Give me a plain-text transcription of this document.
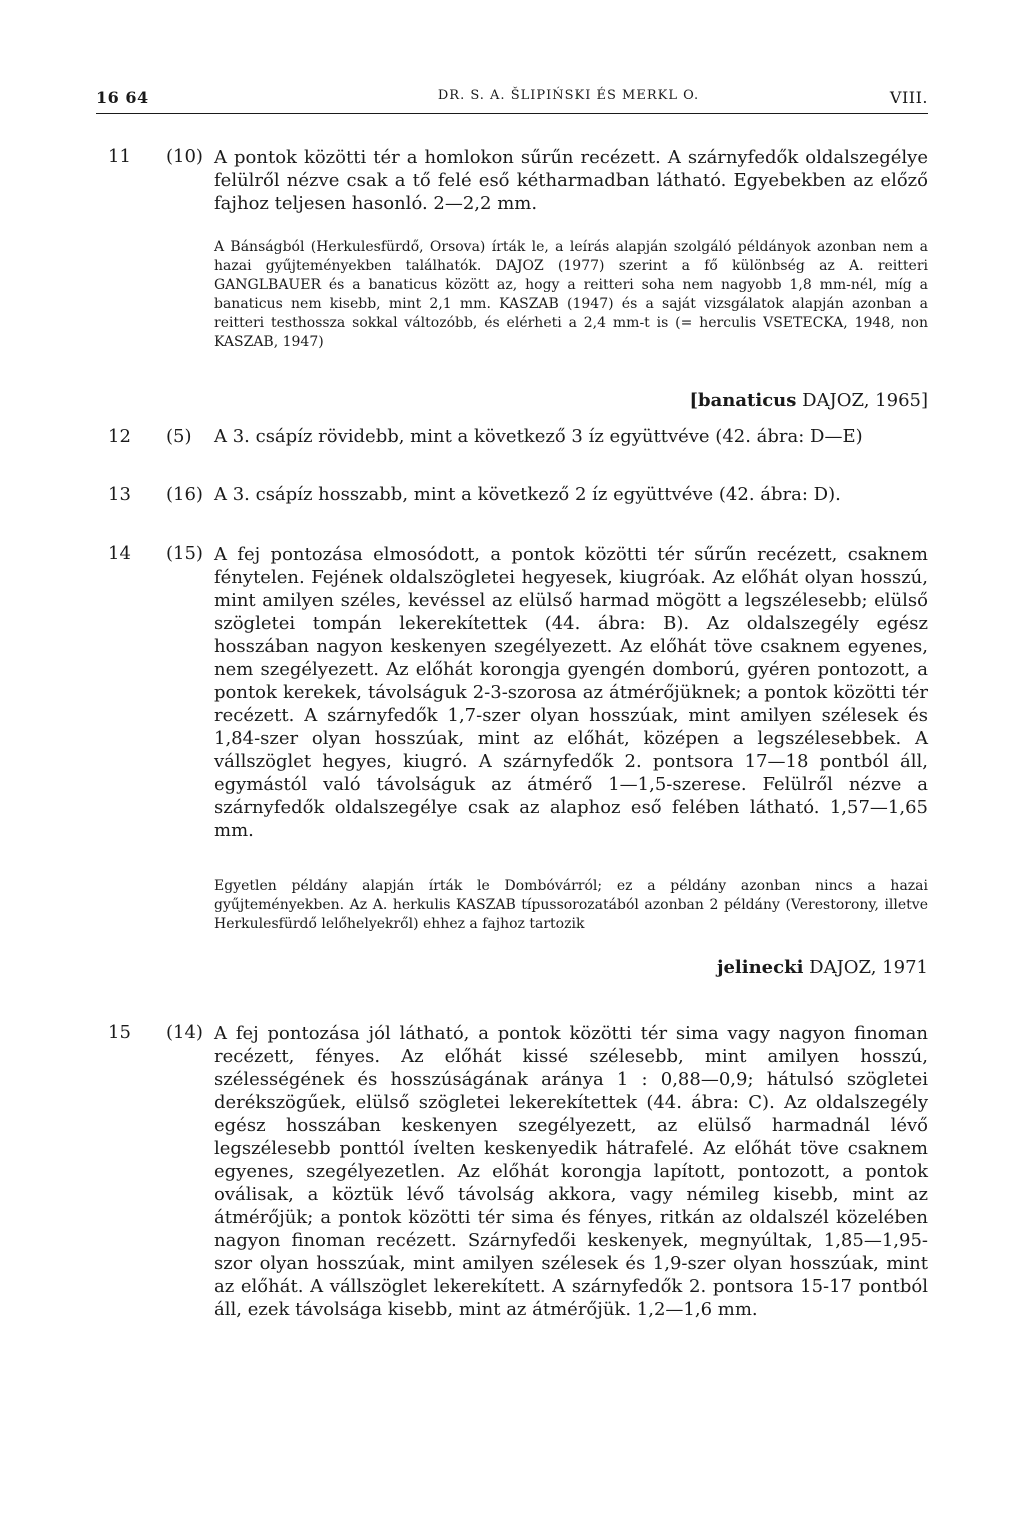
16 64	DR. S. A. ŠLIPIŃSKI ÉS MERKL O.	VIII.
11 (10) A pontok közötti tér a homlokon sűrűn recézett. A szárnyfedők oldalszegélye felülről nézve csak a tő felé eső kétharmadban látható. Egyebekben az előző fajhoz teljesen hasonló. 2—2,2 mm.
A Bánságból (Herkulesfürdő, Orsova) írták le, a leírás alapján szolgáló példányok azonban nem a hazai gyűjteményekben találhatók. DAJOZ (1977) szerint a fő különbség az A. reitteri GANGLBAUER és a banaticus között az, hogy a reitteri soha nem nagyobb 1,8 mm-nél, míg a banaticus nem kisebb, mint 2,1 mm. KASZAB (1947) és a saját vizsgálatok alapján azonban a reitteri testhossza sokkal változóbb, és elérheti a 2,4 mm-t is (= herculis VSETECKA, 1948, non KASZAB, 1947)
[banaticus DAJOZ, 1965]
12 (5) A 3. csápíz rövidebb, mint a következő 3 íz együttvéve (42. ábra: D—E)
13 (16) A 3. csápíz hosszabb, mint a következő 2 íz együttvéve (42. ábra: D).
14 (15) A fej pontozása elmosódott, a pontok közötti tér sűrűn recézett, csaknem fénytelen. Fejének oldalszögletei hegyesek, kiugróak. Az előhát olyan hosszú, mint amilyen széles, kevéssel az elülső harmad mögött a legszélesebb; elülső szögletei tompán lekerekítettek (44. ábra: B). Az oldalszegély egész hosszában nagyon keskenyen szegélyezett. Az előhát töve csaknem egyenes, nem szegélyezett. Az előhát korongja gyengén domború, gyéren pontozott, a pontok kerekek, távolságuk 2-3-szorosa az átmérőjüknek; a pontok közötti tér recézett. A szárnyfedők 1,7-szer olyan hosszúak, mint amilyen szélesek és 1,84-szer olyan hosszúak, mint az előhát, középen a legszélesebbek. A vállszöglet hegyes, kiugró. A szárnyfedők 2. pontsora 17—18 pontból áll, egymástól való távolságuk az átmérő 1—1,5-szerese. Felülről nézve a szárnyfedők oldalszegélye csak az alaphoz eső felében látható. 1,57—1,65 mm.
Egyetlen példány alapján írták le Dombóvárról; ez a példány azonban nincs a hazai gyűjteményekben. Az A. herkulis KASZAB típussorozatából azonban 2 példány (Verestorony, illetve Herkulesfürdő lelőhelyekről) ehhez a fajhoz tartozik
jelinecki DAJOZ, 1971
15 (14) A fej pontozása jól látható, a pontok közötti tér sima vagy nagyon finoman recézett, fényes. Az előhát kissé szélesebb, mint amilyen hosszú, szélességének és hosszúságának aránya 1 : 0,88—0,9; hátulsó szögletei derékszögűek, elülső szögletei lekerekítettek (44. ábra: C). Az oldalszegély egész hosszában keskenyen szegélyezett, az elülső harmadnál lévő legszélesebb ponttól ívelten keskenyedik hátrafelé. Az előhát töve csaknem egyenes, szegélyezetlen. Az előhát korongja lapított, pontozott, a pontok oválisak, a köztük lévő távolság akkora, vagy némileg kisebb, mint az átmérőjük; a pontok közötti tér sima és fényes, ritkán az oldalszél közelében nagyon finoman recézett. Szárnyfedői keskenyek, megnyúltak, 1,85—1,95-szor olyan hosszúak, mint amilyen szélesek és 1,9-szer olyan hosszúak, mint az előhát. A vállszöglet lekerekített. A szárnyfedők 2. pontsora 15-17 pontból áll, ezek távolsága kisebb, mint az átmérőjük. 1,2—1,6 mm.
